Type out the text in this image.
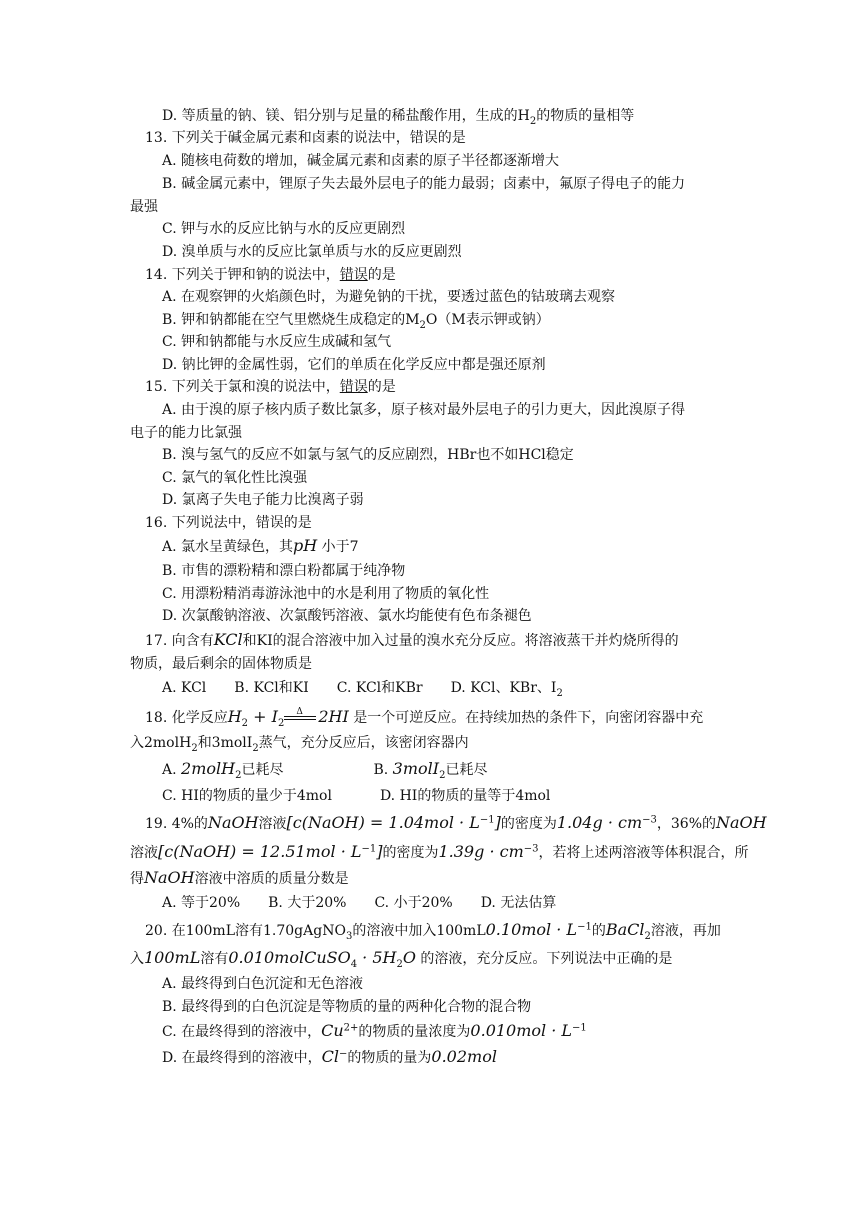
D. 等质量的钠、镁、铝分别与足量的稀盐酸作用，生成的$H_2$的物质的量相等
13. 下列关于碱金属元素和卤素的说法中，错误的是
A. 随核电荷数的增加，碱金属元素和卤素的原子半径都逐渐增大
B. 碱金属元素中，锂原子失去最外层电子的能力最弱；卤素中，氟原子得电子的能力
最强
C. 钾与水的反应比钠与水的反应更剧烈
D. 溴单质与水的反应比氯单质与水的反应更剧烈
14. 下列关于钾和钠的说法中，错误的是
A. 在观察钾的火焰颜色时，为避免钠的干扰，要透过蓝色的钴玻璃去观察
B. 钾和钠都能在空气里燃烧生成稳定的$M_2O(M$表示钾或钠）
C. 钾和钠都能与水反应生成碱和氢气
D. 钠比钾的金属性弱，它们的单质在化学反应中都是强还原剂
15. 下列关于氯和溴的说法中，错误的是
A. 由于溴的原子核内质子数比氯多，原子核对最外层电子的引力更大，因此溴原子得
电子的能力比氯强
B. 溴与氢气的反应不如氯与氢气的反应剧烈，HBr也不如HCl稳定
C. 氯气的氧化性比溴强
D. 氯离子失电子能力比溴离子弱
16. 下列说法中，错误的是
A. 氯水呈黄绿色，其pH 小于7
B. 市售的漂粉精和漂白粉都属于纯净物
C. 用漂粉精消毒游泳池中的水是利用了物质的氧化性
D. 次氯酸钠溶液、次氯酸钙溶液、氯水均能使有色布条褪色
17. 向含有KCl和KI的混合溶液中加入过量的溴水充分反应。将溶液蒸干并灼烧所得的
物质，最后剩余的固体物质是
A. KCl B. KCl和KI C. KCl和KBr D. KCl、KBr、$I_2$
18. 化学反应$H_2 + I_2$
Δ 2HI 是一个可逆反应。在持续加热的条件下，向密闭容器中充
入2molH$_2$和3molI$_2$蒸气，充分反应后，该密闭容器内
A. 2molH$_2$已耗尽	B. 3molI$_2$已耗尽
C. HI的物质的量少于4mol	D. HI的物质的量等于4mol
19. 4%的NaOH溶液[c(NaOH) = $1.04mol \cdot L^{-1}$]的密度为$1.04g \cdot cm^{-3}$，36%的NaOH
溶液[c(NaOH) = $12.51mol \cdot L^{-1}$]的密度为$1.39g \cdot cm^{-3}$，若将上述两溶液等体积混合，所
得NaOH溶液中溶质的质量分数是
A. 等于20% B. 大于20% C. 小于20% D. 无法估算
20. 在100mL溶有1.70gAgNO$_3$的溶液中加入$100mL0.10mol \cdot L^{-1}$的BaCl$_2$溶液，再加
入100mL溶有0.010molCuSO$_4$ · $5H_2O$ 的溶液，充分反应。下列说法中正确的是
A. 最终得到白色沉淀和无色溶液
B. 最终得到的白色沉淀是等物质的量的两种化合物的混合物
C. 在最终得到的溶液中，$Cu^{2+}$的物质的量浓度为$0.010mol \cdot L^{-1}$
D. 在最终得到的溶液中，Cl−的物质的量为0.02mol
